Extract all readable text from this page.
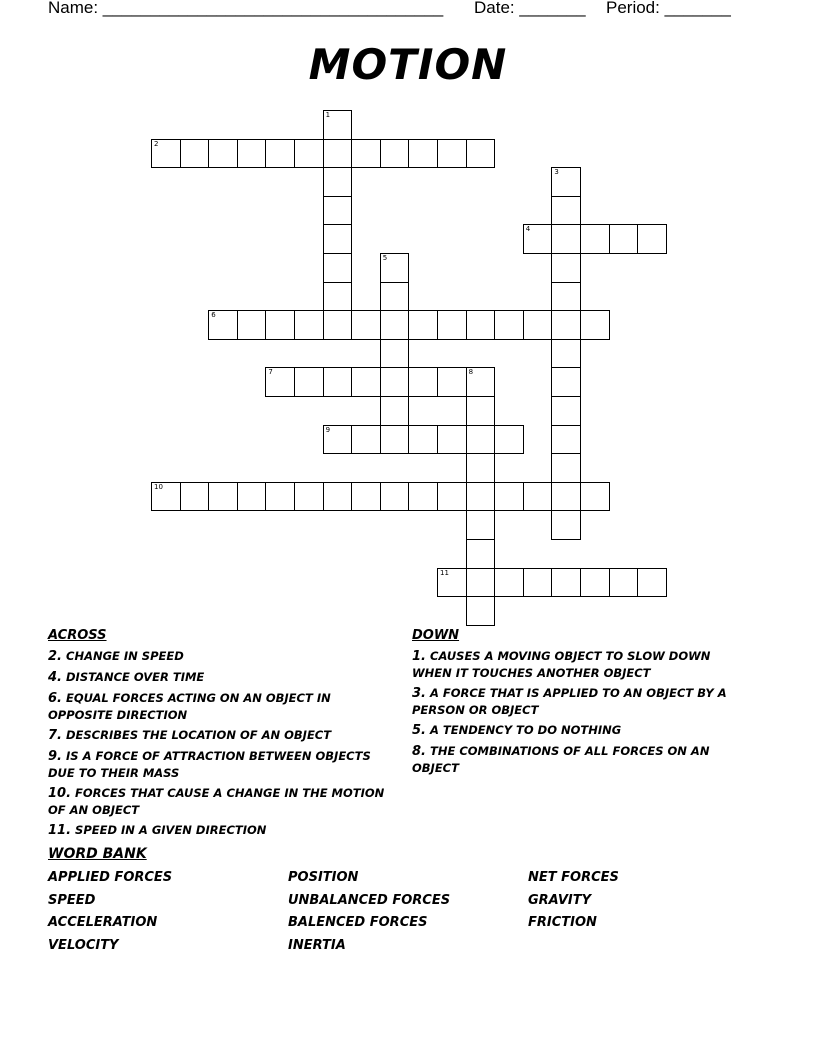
Name: ____________________________________ Date: _______ Period: _______
MOTION
1
2
3
4
5
6
7	8
9
10
11
ACROSS
2. CHANGE IN SPEED
4. DISTANCE OVER TIME
6. EQUAL FORCES ACTING ON AN OBJECT IN OPPOSITE DIRECTION
7. DESCRIBES THE LOCATION OF AN OBJECT
9. IS A FORCE OF ATTRACTION BETWEEN OBJECTS DUE TO THEIR MASS
10. FORCES THAT CAUSE A CHANGE IN THE MOTION OF AN OBJECT
11. SPEED IN A GIVEN DIRECTION
DOWN
1. CAUSES A MOVING OBJECT TO SLOW DOWN WHEN IT TOUCHES ANOTHER OBJECT
3. A FORCE THAT IS APPLIED TO AN OBJECT BY A PERSON OR OBJECT
5. A TENDENCY TO DO NOTHING
8. THE COMBINATIONS OF ALL FORCES ON AN OBJECT
WORD BANK
APPLIED FORCES	POSITION	NET FORCES
SPEED	UNBALANCED FORCES	GRAVITY
ACCELERATION	BALENCED FORCES	FRICTION
VELOCITY	INERTIA
